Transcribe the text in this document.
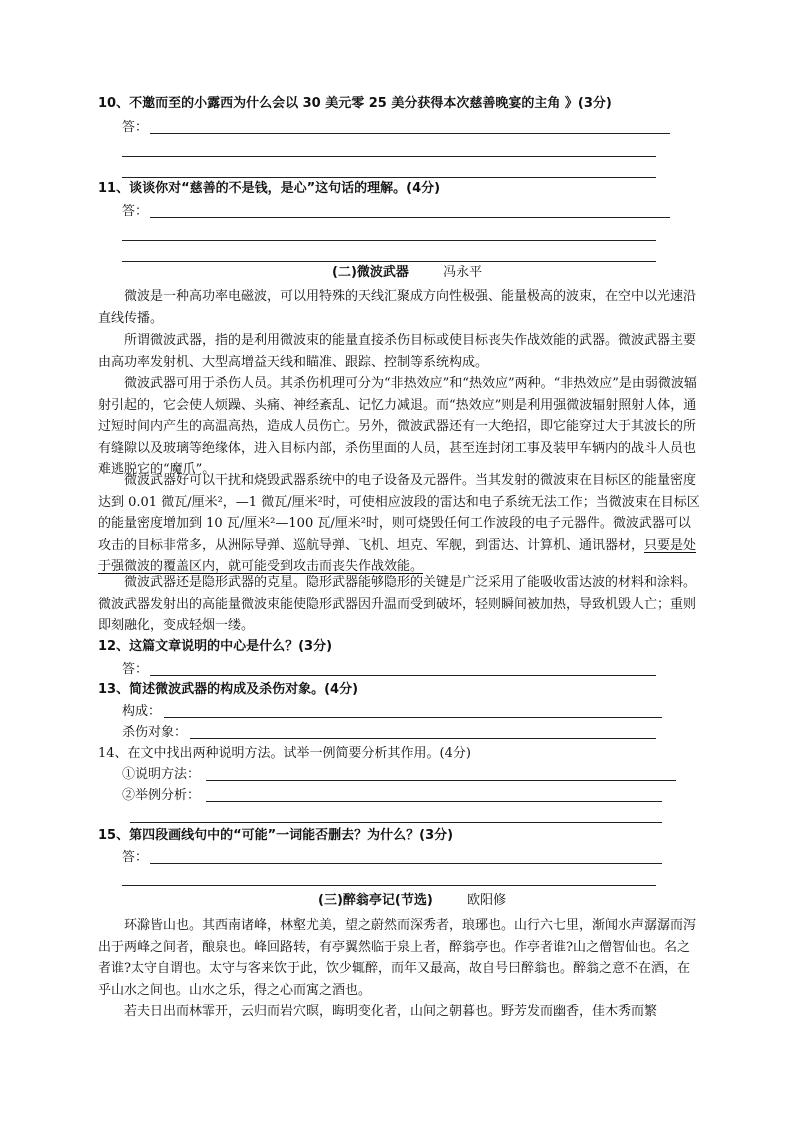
10、不邀而至的小露西为什么会以 30 美元零 25 美分获得本次慈善晚宴的主角 》(3分)
答：
11、谈谈你对“慈善的不是钱，是心”这句话的理解。(4分)
答：
(二)微波武器	冯永平
微波是一种高功率电磁波，可以用特殊的天线汇聚成方向性极强、能量极高的波束，在空中以光速沿直线传播。
所谓微波武器，指的是利用微波束的能量直接杀伤目标或使目标丧失作战效能的武器。微波武器主要由高功率发射机、大型高增益天线和瞄准、跟踪、控制等系统构成。
微波武器可用于杀伤人员。其杀伤机理可分为“非热效应”和“热效应”两种。“非热效应”是由弱微波辐射引起的，它会使人烦躁、头痛、神经紊乱、记忆力减退。而“热效应”则是利用强微波辐射照射人体，通过短时间内产生的高温高热，造成人员伤亡。另外，微波武器还有一大绝招，即它能穿过大于其波长的所有缝隙以及玻璃等绝缘体，进入目标内部，杀伤里面的人员，甚至连封闭工事及装甲车辆内的战斗人员也难逃脱它的“魔爪”。
微波武器好可以干扰和烧毁武器系统中的电子设备及元器件。当其发射的微波束在目标区的能量密度达到 0.01 微瓦/厘米²，—1 微瓦/厘米²时，可使相应波段的雷达和电子系统无法工作；当微波束在目标区的能量密度增加到 10 瓦/厘米²—100 瓦/厘米²时，则可烧毁任何工作波段的电子元器件。微波武器可以攻击的目标非常多，从洲际导弹、巡航导弹、飞机、坦克、军舰，到雷达、计算机、通讯器材，只要是处于强微波的覆盖区内，就可能受到攻击而丧失作战效能。
微波武器还是隐形武器的克星。隐形武器能够隐形的关键是广泛采用了能吸收雷达波的材料和涂料。微波武器发射出的高能量微波束能使隐形武器因升温而受到破坏，轻则瞬间被加热，导致机毁人亡；重则即刻融化，变成轻烟一缕。
12、这篇文章说明的中心是什么？(3分)
答：
13、简述微波武器的构成及杀伤对象。(4分)
构成：
杀伤对象：
14、在文中找出两种说明方法。试举一例简要分析其作用。(4分)
①说明方法：
②举例分析：
15、第四段画线句中的“可能”一词能否删去？为什么？(3分)
答：
(三)醉翁亭记(节选)	欧阳修
环滁皆山也。其西南诸峰，林壑尤美，望之蔚然而深秀者，琅琊也。山行六七里，渐闻水声潺潺而泻出于两峰之间者，酿泉也。峰回路转，有亭翼然临于泉上者，醉翁亭也。作亭者谁?山之僧智仙也。名之者谁?太守自谓也。太守与客来饮于此，饮少辄醉，而年又最高，故自号曰醉翁也。醉翁之意不在酒，在乎山水之间也。山水之乐，得之心而寓之酒也。
若夫日出而林霏开，云归而岩穴暝，晦明变化者，山间之朝暮也。野芳发而幽香，佳木秀而繁
